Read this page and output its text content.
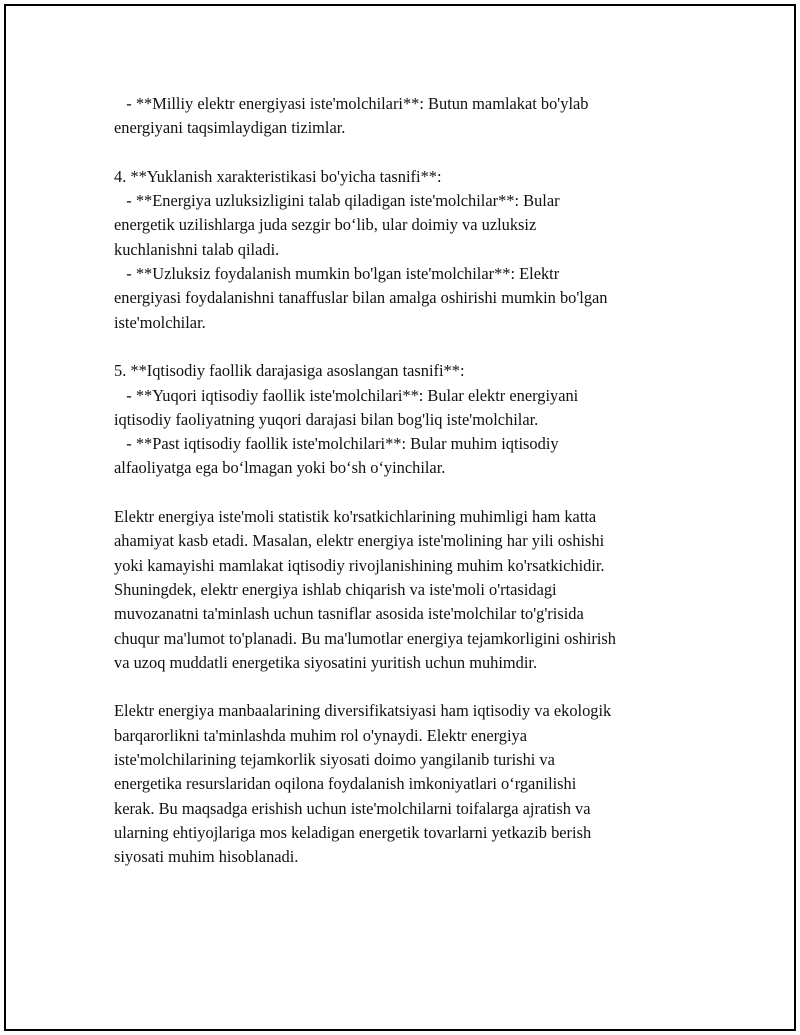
- **Milliy elektr energiyasi iste'molchilari**: Butun mamlakat bo'ylab
energiyani taqsimlaydigan tizimlar.

4. **Yuklanish xarakteristikasi bo'yicha tasnifi**:
- **Energiya uzluksizligini talab qiladigan iste'molchilar**: Bular
energetik uzilishlarga juda sezgir bo‘lib, ular doimiy va uzluksiz
kuchlanishni talab qiladi.
- **Uzluksiz foydalanish mumkin bo'lgan iste'molchilar**: Elektr
energiyasi foydalanishni tanaffuslar bilan amalga oshirishi mumkin bo'lgan
iste'molchilar.

5. **Iqtisodiy faollik darajasiga asoslangan tasnifi**:
- **Yuqori iqtisodiy faollik iste'molchilari**: Bular elektr energiyani
iqtisodiy faoliyatning yuqori darajasi bilan bog'liq iste'molchilar.
- **Past iqtisodiy faollik iste'molchilari**: Bular muhim iqtisodiy
alfaoliyatga ega bo‘lmagan yoki bo‘sh o‘yinchilar.

Elektr energiya iste'moli statistik ko'rsatkichlarining muhimligi ham katta
ahamiyat kasb etadi. Masalan, elektr energiya iste'molining har yili oshishi
yoki kamayishi mamlakat iqtisodiy rivojlanishining muhim ko'rsatkichidir.
Shuningdek, elektr energiya ishlab chiqarish va iste'moli o'rtasidagi
muvozanatni ta'minlash uchun tasniflar asosida iste'molchilar to'g'risida
chuqur ma'lumot to'planadi. Bu ma'lumotlar energiya tejamkorligini oshirish
va uzoq muddatli energetika siyosatini yuritish uchun muhimdir.

Elektr energiya manbaalarining diversifikatsiyasi ham iqtisodiy va ekologik
barqarorlikni ta'minlashda muhim rol o'ynaydi. Elektr energiya
iste'molchilarining tejamkorlik siyosati doimo yangilanib turishi va
energetika resurslaridan oqilona foydalanish imkoniyatlari o‘rganilishi
kerak. Bu maqsadga erishish uchun iste'molchilarni toifalarga ajratish va
ularning ehtiyojlariga mos keladigan energetik tovarlarni yetkazib berish
siyosati muhim hisoblanadi.
